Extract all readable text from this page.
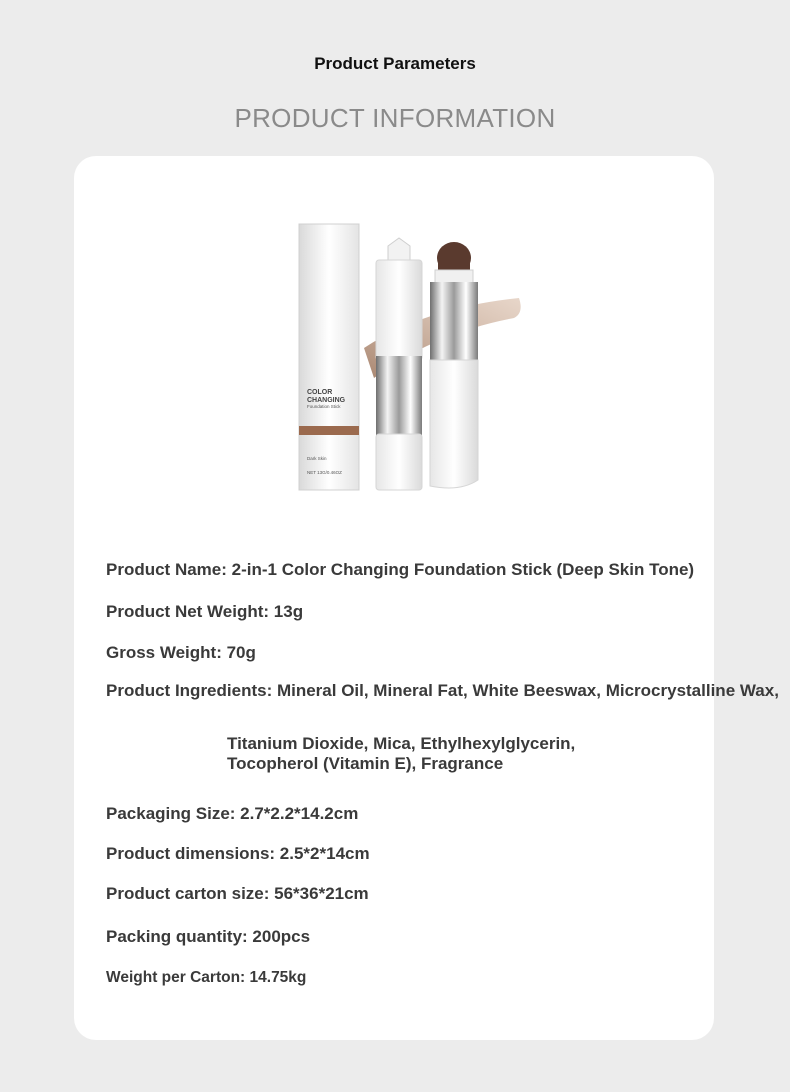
Product Parameters
PRODUCT INFORMATION
COLOR
CHANGING
Foundation Stick
Dark Skin
NET 13G/0.46OZ
Product Name: 2-in-1 Color Changing Foundation Stick (Deep Skin Tone)
Product Net Weight: 13g
Gross Weight: 70g
Product Ingredients: Mineral Oil, Mineral Fat, White Beeswax, Microcrystalline Wax,
Titanium Dioxide, Mica, Ethylhexylglycerin,
Tocopherol (Vitamin E), Fragrance
Packaging Size: 2.7*2.2*14.2cm
Product dimensions: 2.5*2*14cm
Product carton size: 56*36*21cm
Packing quantity: 200pcs
Weight per Carton: 14.75kg
